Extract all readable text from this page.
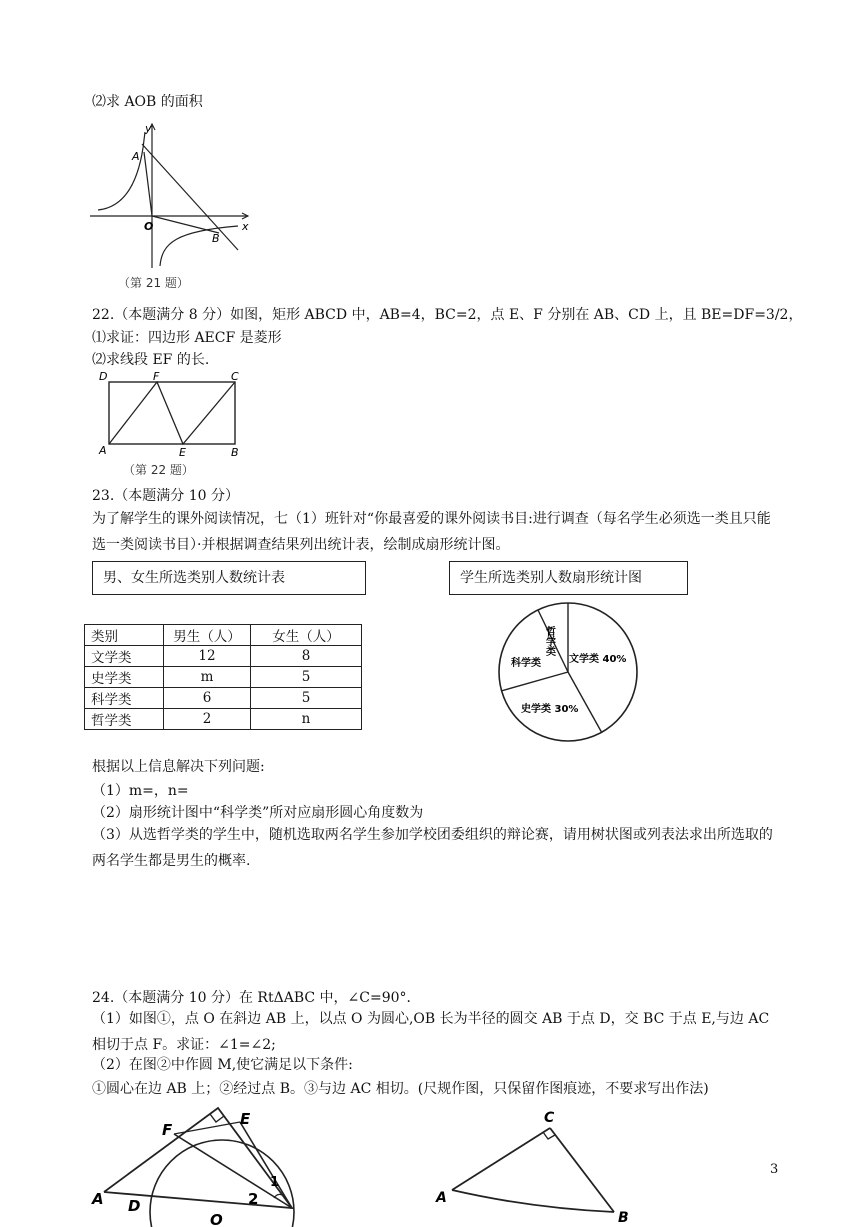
⑵求 AOB 的面积
y
x
A
O
B
（第 21 题）
22.（本题满分 8 分）如图，矩形 ABCD 中，AB=4，BC=2，点 E、F 分别在 AB、CD 上，且 BE=DF=3/2，
⑴求证：四边形 AECF 是菱形
⑵求线段 EF 的长.
D	F	C
A	E	B
（第 22 题）
23.（本题满分 10 分）
为了解学生的课外阅读情况，七（1）班针对“你最喜爱的课外阅读书目:进行调查（每名学生必须选一类且只能选一类阅读书目）·并根据调查结果列出统计表，绘制成扇形统计图。
男、女生所选类别人数统计表	学生所选类别人数扇形统计图
类别	男生（人）	女生（人）
文学类	12	8
史学类	m	5
科学类	6	5
哲学类	2	n
哲学类
科学类	文学类 40%
史学类 30%
根据以上信息解决下列问题:
（1）m=，n=
（2）扇形统计图中“科学类”所对应扇形圆心角度数为
（3）从选哲学类的学生中，随机选取两名学生参加学校团委组织的辩论赛，请用树状图或列表法求出所选取的两名学生都是男生的概率.
24.（本题满分 10 分）在 RtΔABC 中，∠C=90°．
（1）如图①，点 O 在斜边 AB 上，以点 O 为圆心,OB 长为半径的圆交 AB 于点 D，交 BC 于点 E,与边 AC 相切于点 F。求证：∠1=∠2;
（2）在图②中作圆 M,使它满足以下条件:
①圆心在边 AB 上；②经过点 B。③与边 AC 相切。(尺规作图，只保留作图痕迹，不要求写出作法)
A D
O
F
E
2
1
A
B
C
3
